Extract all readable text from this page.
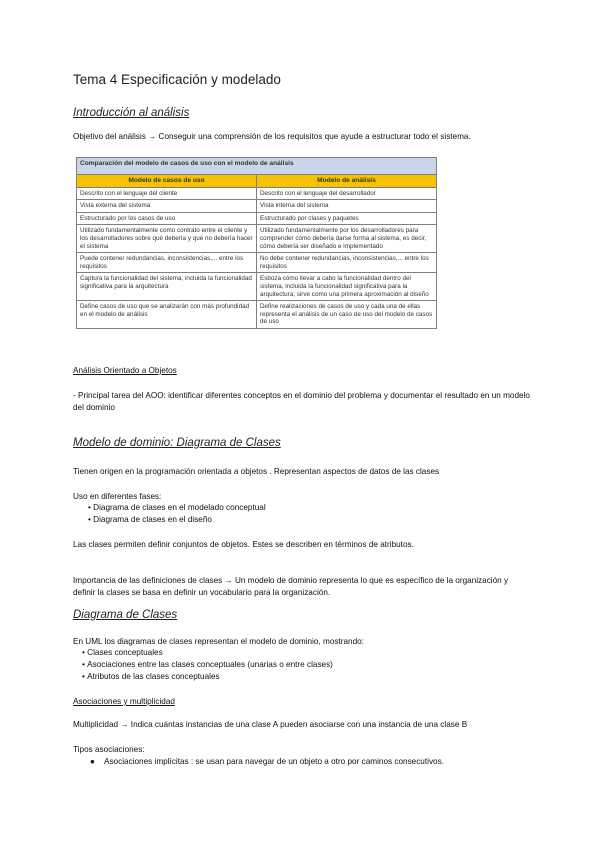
Tema 4 Especificación y modelado
Introducción al análisis
Objetivo del análisis → Conseguir una comprensión de los requisitos que ayude a estructurar todo el sistema.
Comparación del modelo de casos de uso con el modelo de análisis	
Modelo de casos de uso	Modelo de análisis
Descrito con el lenguaje del cliente	Descrito con el lenguaje del desarrollador
Vista externa del sistema	Vista interna del sistema
Estructurado por los casos de uso	Estructurado por clases y paquetes
Utilizado fundamentalmente como contrato entre el cliente y los desarrolladores sobre qué debería y qué no debería hacer el sistema	Utilizado fundamentalmente por los desarrolladores para comprender cómo debería darse forma al sistema, es decir, cómo debería ser diseñado e implementado
Puede contener redundancias, inconsistencias,... entre los requisitos	No debe contener redundancias, inconsistencias,... entre los requisitos
Captura la funcionalidad del sistema, incluida la funcionalidad significativa para la arquitectura	Esboza cómo llevar a cabo la funcionalidad dentro del sistema, incluida la funcionalidad significativa para la arquitectura; sirve como una primera aproximación al diseño
Define casos de uso que se analizarán con más profundidad en el modelo de análisis	Define realizaciones de casos de uso y cada una de ellas representa el análisis de un caso de uso del modelo de casos de uso
Análisis Orientado a Objetos
- Principal tarea del AOO: identificar diferentes conceptos en el dominio del problema y documentar el resultado en un modelo del dominio
Modelo de dominio: Diagrama de Clases
Tienen origen en la programación orientada a objetos . Representan aspectos de datos de las clases
Uso en diferentes fases:
• Diagrama de clases en el modelado conceptual
• Diagrama de clases en el diseño
Las clases permiten definir conjuntos de objetos. Estes se describen en términos de atributos.
Importancia de las definiciones de clases → Un modelo de dominio representa lo que es específico de la organización y definir la clases se basa en definir un vocabulario para la organización.
Diagrama de Clases
En UML los diagramas de clases representan el modelo de dominio, mostrando:
• Clases conceptuales
• Asociaciones entre las clases conceptuales (unarias o entre clases)
• Atributos de las clases conceptuales
Asociaciones y multiplicidad
Multiplicidad → Indica cuántas instancias de una clase A pueden asociarse con una instancia de una clase B
Tipos asociaciones:
● Asociaciones implícitas : se usan para navegar de un objeto a otro por caminos consecutivos.
